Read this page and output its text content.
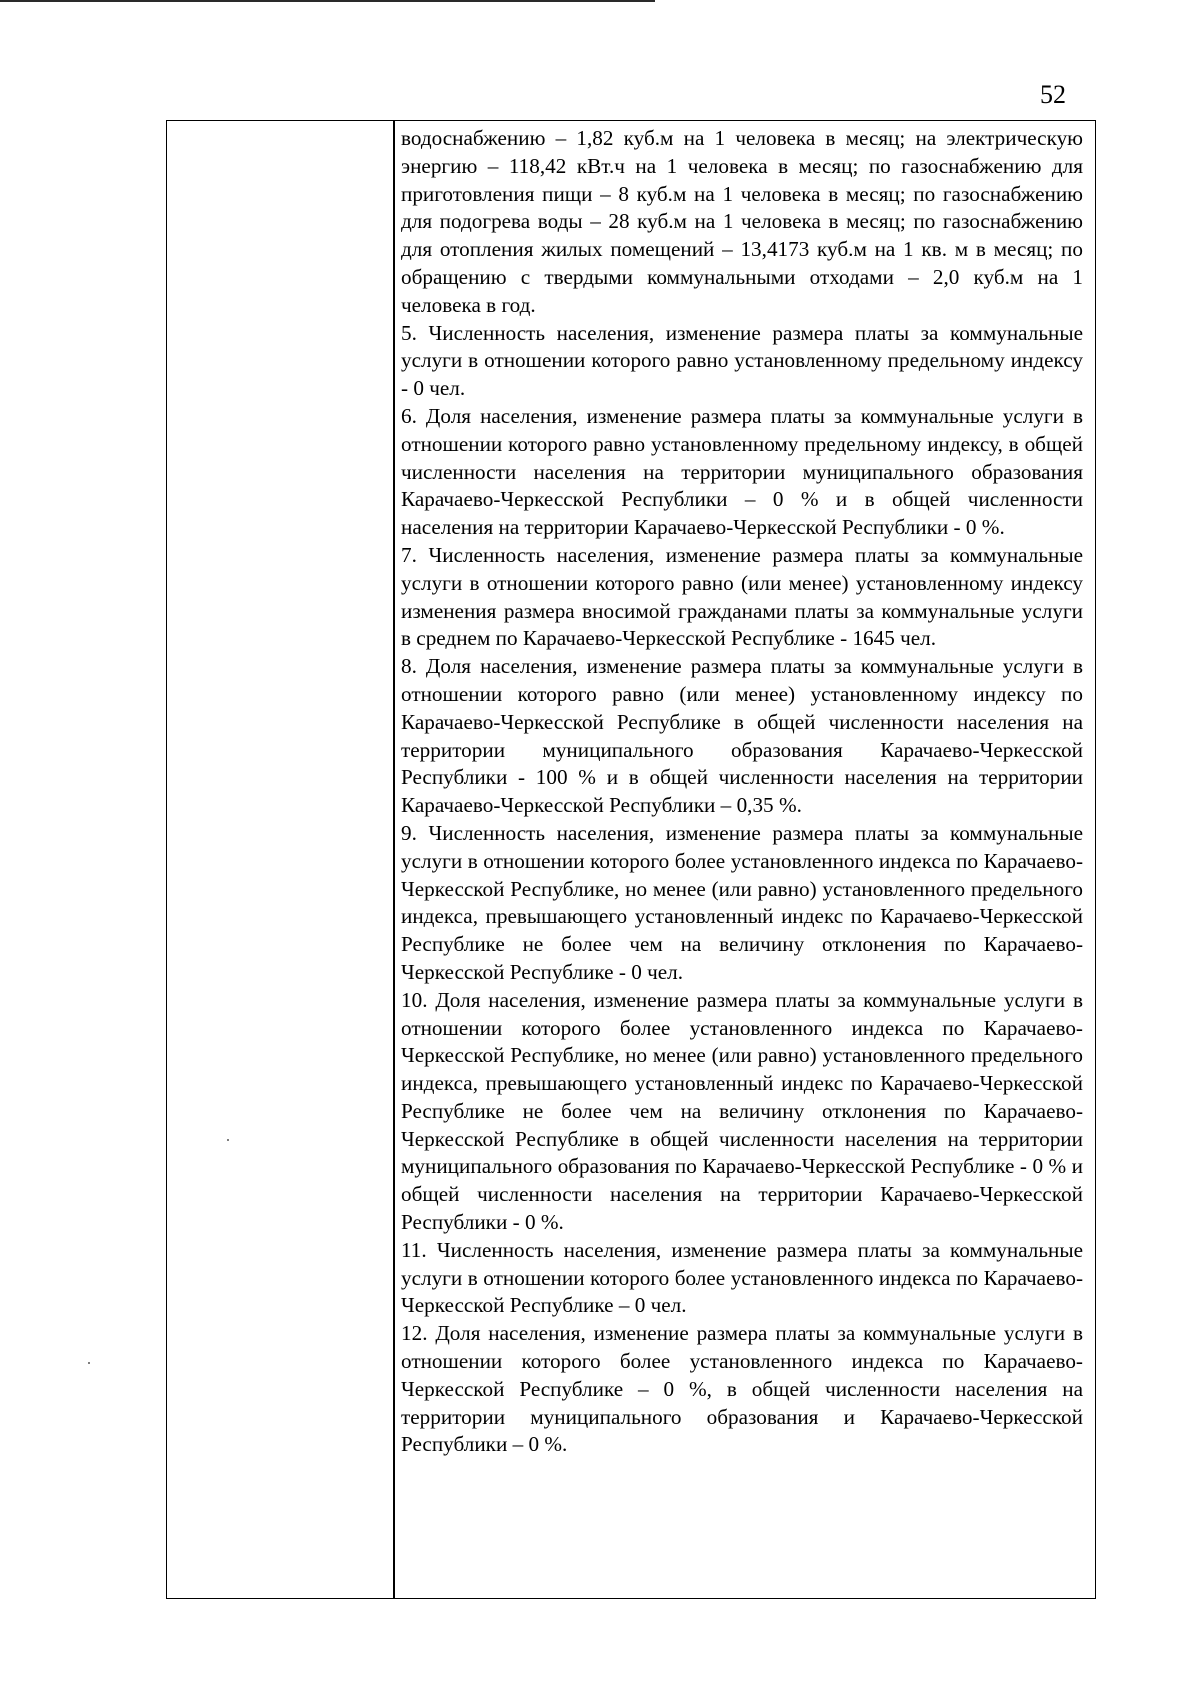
52

водоснабжению – 1,82 куб.м на 1 человека в месяц; на электрическую энергию – 118,42 кВт.ч на 1 человека в месяц; по газоснабжению для приготовления пищи – 8 куб.м на 1 человека в месяц; по газоснабжению для подогрева воды – 28 куб.м на 1 человека в месяц; по газоснабжению для отопления жилых помещений – 13,4173 куб.м на 1 кв. м в месяц; по обращению с твердыми коммунальными отходами – 2,0 куб.м на 1 человека в год.

5. Численность населения, изменение размера платы за коммунальные услуги в отношении которого равно установленному предельному индексу - 0 чел.

6. Доля населения, изменение размера платы за коммунальные услуги в отношении которого равно установленному предельному индексу, в общей численности населения на территории муниципального образования Карачаево-Черкесской Республики – 0 % и в общей численности населения на территории Карачаево-Черкесской Республики - 0 %.

7. Численность населения, изменение размера платы за коммунальные услуги в отношении которого равно (или менее) установленному индексу изменения размера вносимой гражданами платы за коммунальные услуги в среднем по Карачаево-Черкесской Республике - 1645 чел.

8. Доля населения, изменение размера платы за коммунальные услуги в отношении которого равно (или менее) установленному индексу по Карачаево-Черкесской Республике в общей численности населения на территории муниципального образования Карачаево-Черкесской Республики - 100 % и в общей численности населения на территории Карачаево-Черкесской Республики – 0,35 %.

9. Численность населения, изменение размера платы за коммунальные услуги в отношении которого более установленного индекса по Карачаево-Черкесской Республике, но менее (или равно) установленного предельного индекса, превышающего установленный индекс по Карачаево-Черкесской Республике не более чем на величину отклонения по Карачаево-Черкесской Республике - 0 чел.

10. Доля населения, изменение размера платы за коммунальные услуги в отношении которого более установленного индекса по Карачаево-Черкесской Республике, но менее (или равно) установленного предельного индекса, превышающего установленный индекс по Карачаево-Черкесской Республике не более чем на величину отклонения по Карачаево-Черкесской Республике в общей численности населения на территории муниципального образования по Карачаево-Черкесской Республике - 0 % и общей численности населения на территории Карачаево-Черкесской Республики - 0 %.

11. Численность населения, изменение размера платы за коммунальные услуги в отношении которого более установленного индекса по Карачаево-Черкесской Республике – 0 чел.

12. Доля населения, изменение размера платы за коммунальные услуги в отношении которого более установленного индекса по Карачаево-Черкесской Республике – 0 %, в общей численности населения на территории муниципального образования и Карачаево-Черкесской Республики – 0 %.
